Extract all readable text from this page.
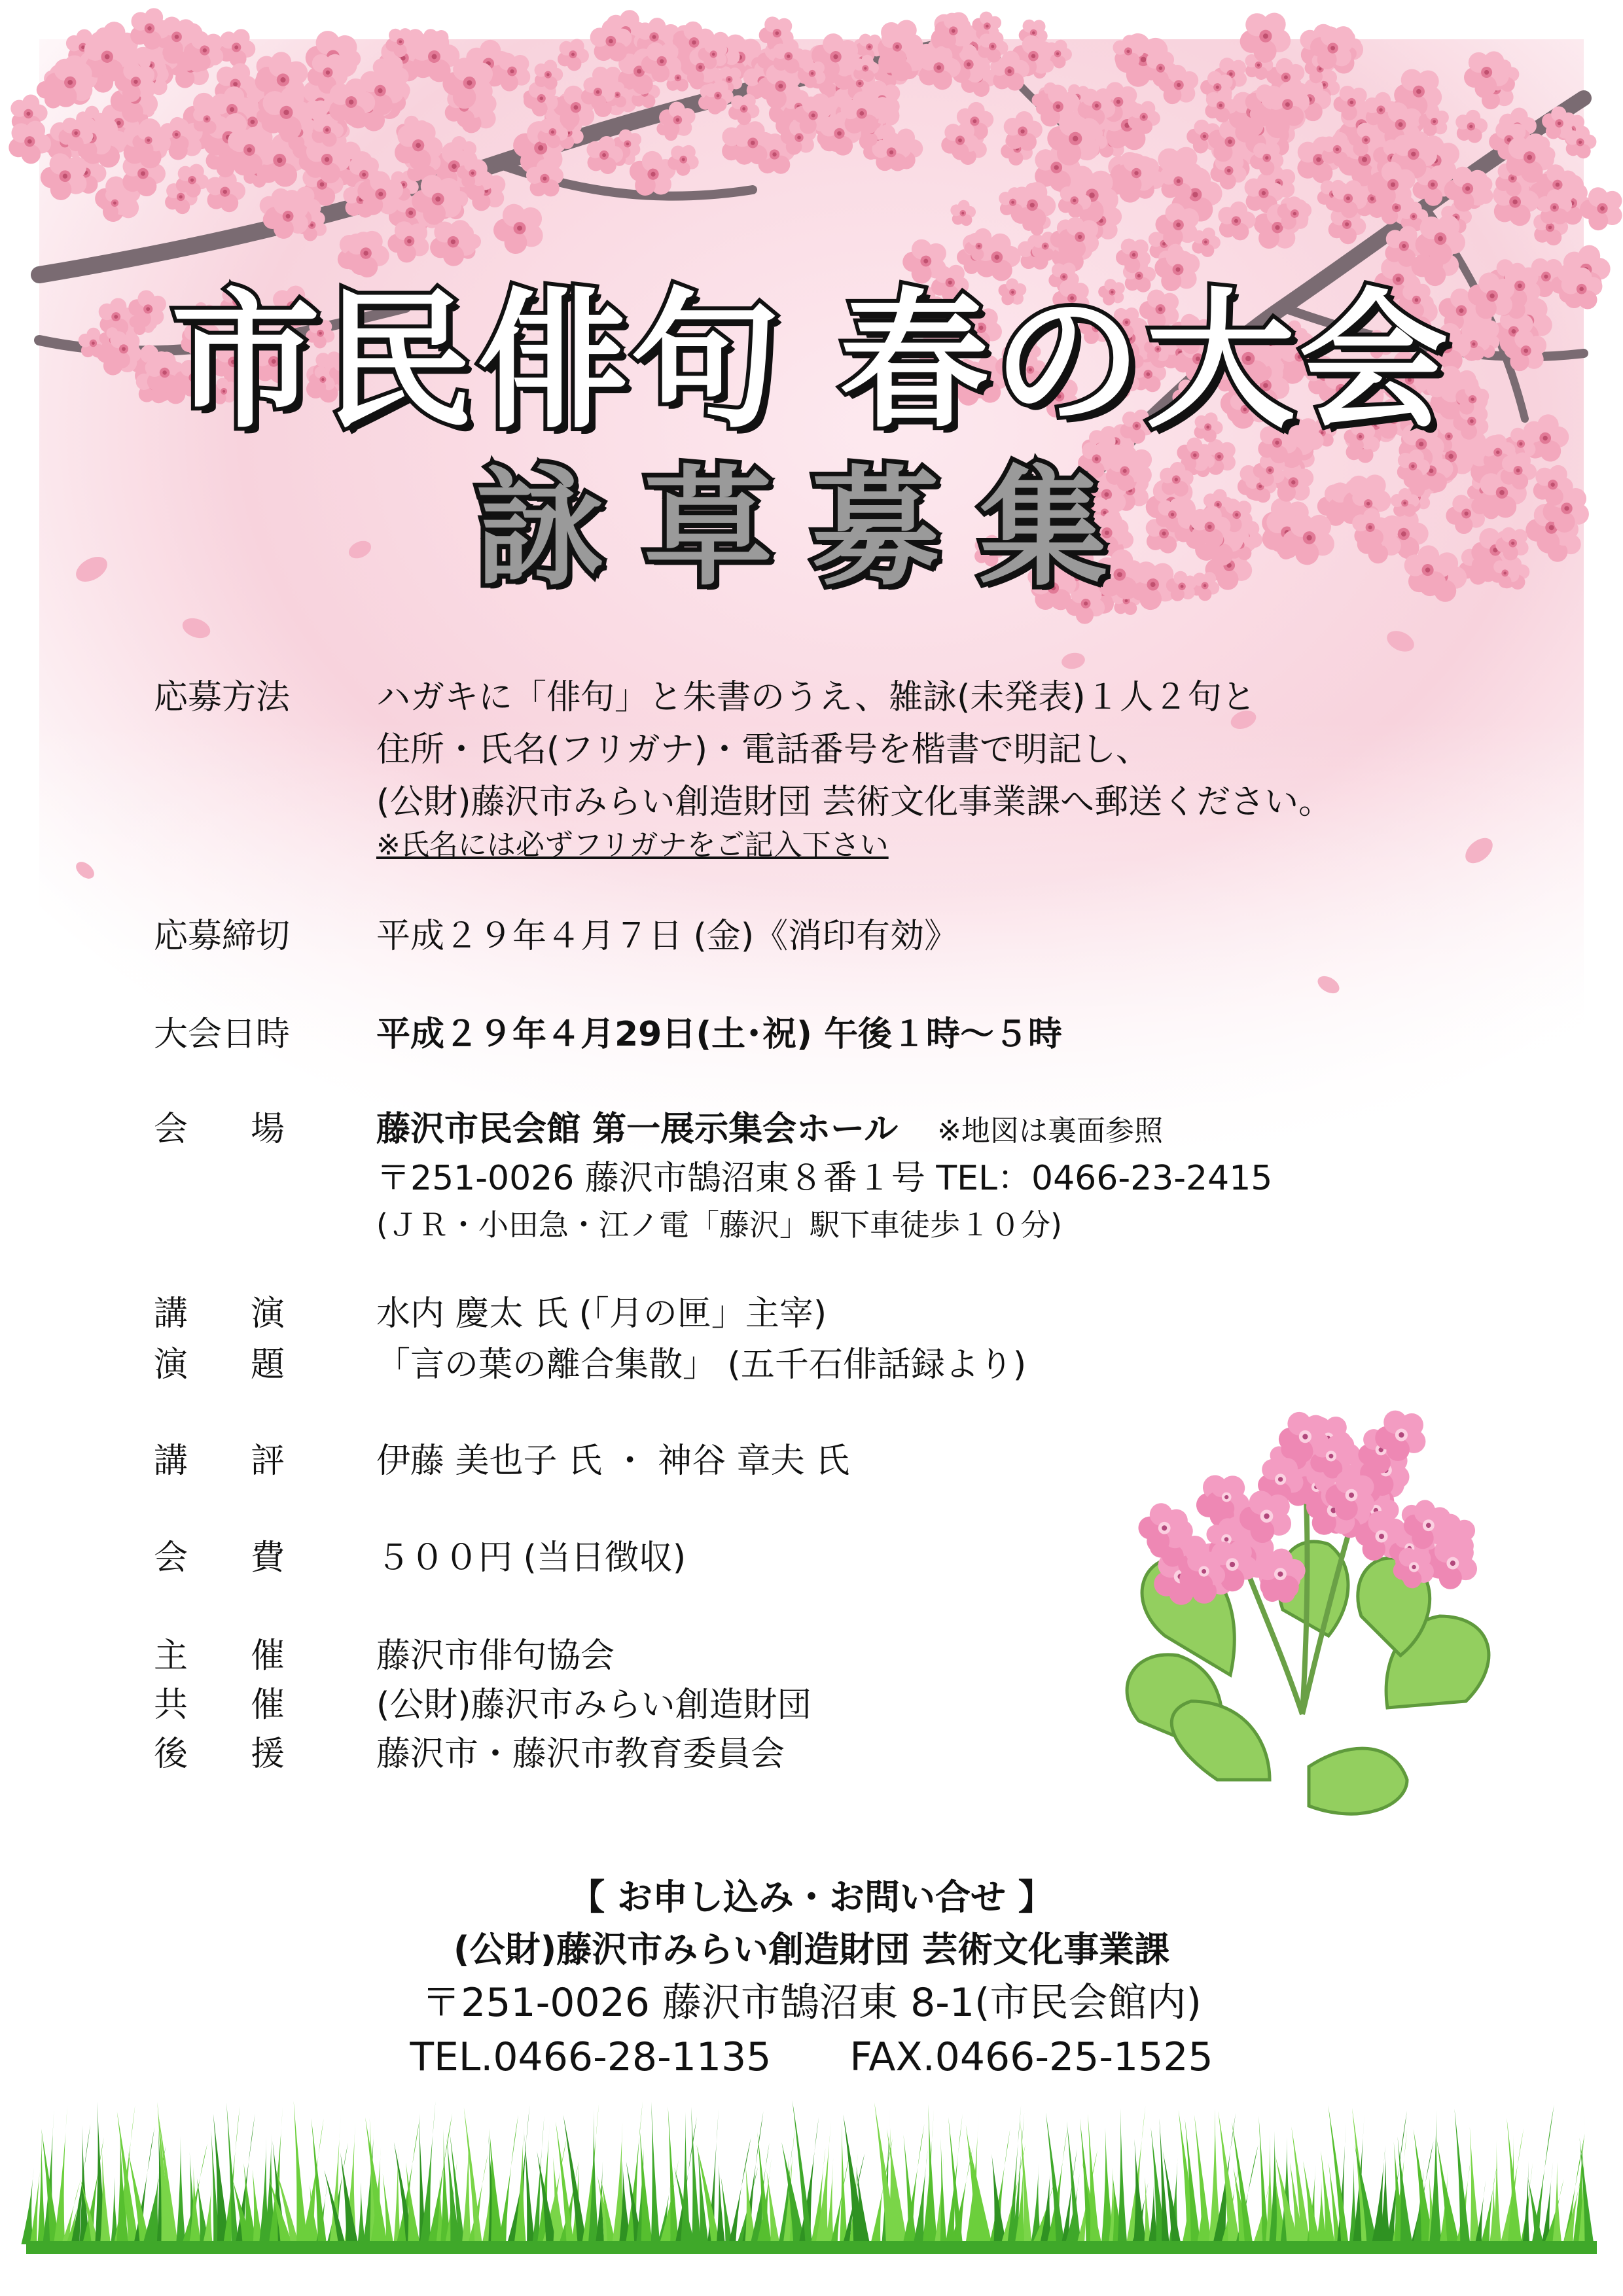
市民俳句 春の大会
詠草募集
応募方法	ハガキに「俳句」と朱書のうえ、雑詠(未発表)１人２句と
住所・氏名(フリガナ)・電話番号を楷書で明記し、
(公財)藤沢市みらい創造財団 芸術文化事業課へ郵送ください。
※氏名には必ずフリガナをご記入下さい
応募締切	平成２９年４月７日 (金)《消印有効》
大会日時	平成２９年４月29日(土･祝) 午後１時～５時
会場 藤沢市民会館 第一展示集会ホール ※地図は裏面参照
〒251-0026 藤沢市鵠沼東８番１号 TEL：0466-23-2415
(ＪＲ・小田急・江ノ電「藤沢」駅下車徒歩１０分)
講演 水内 慶太 氏 (「月の匣」主宰)
演題 「言の葉の離合集散」 (五千石俳話録より)
講評 伊藤 美也子 氏 ・ 神谷 章夫 氏
会費 ５００円 (当日徴収)
主催 藤沢市俳句協会
共催 (公財)藤沢市みらい創造財団
後援 藤沢市・藤沢市教育委員会
【 お申し込み・お問い合せ 】
(公財)藤沢市みらい創造財団 芸術文化事業課
〒251-0026 藤沢市鵠沼東 8-1(市民会館内)
TEL.0466-28-1135 FAX.0466-25-1525
